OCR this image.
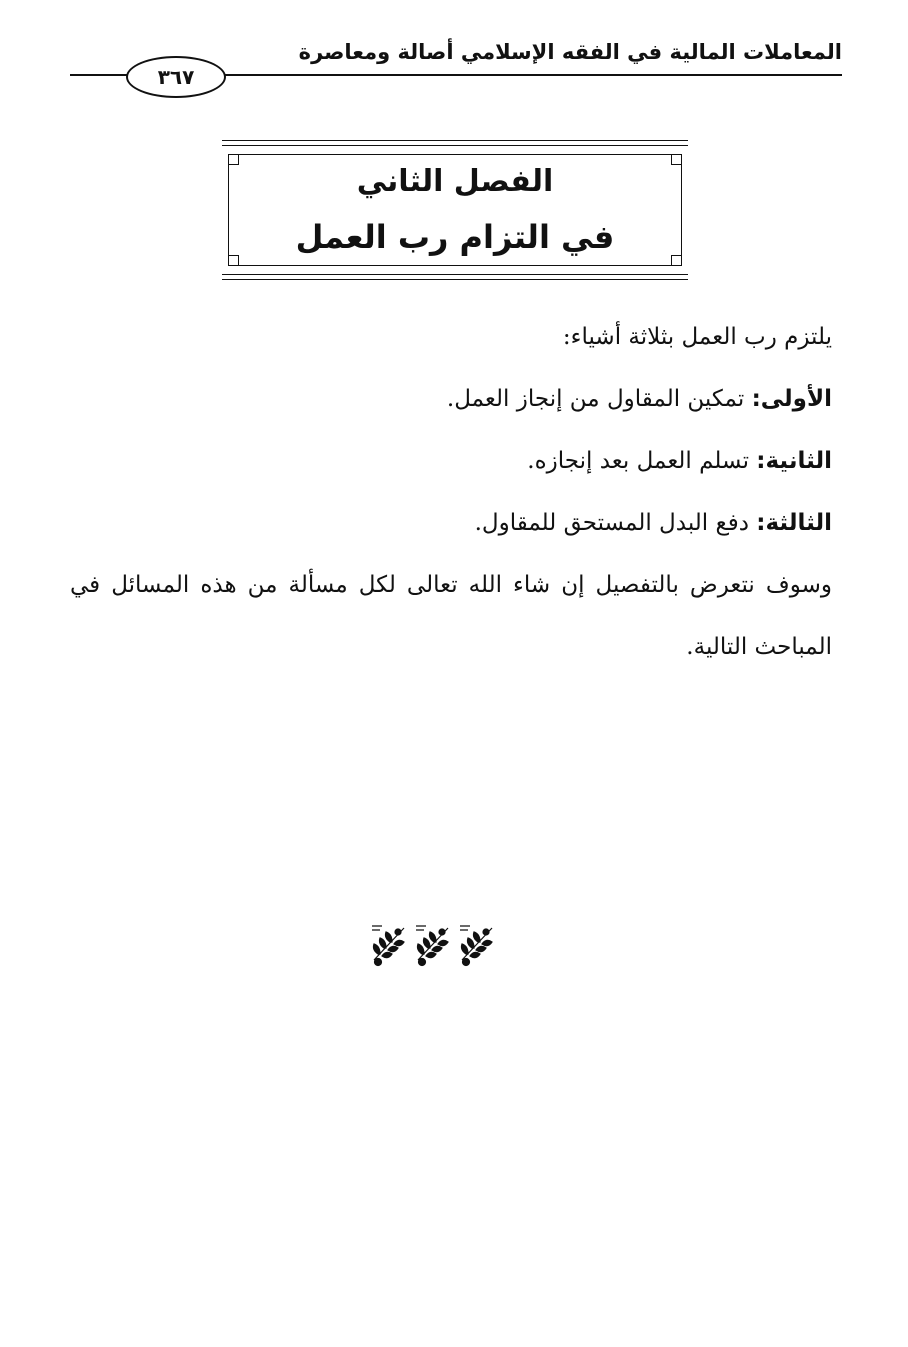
المعاملات المالية في الفقه الإسلامي أصالة ومعاصرة
٣٦٧
الفصل الثاني
في التزام رب العمل

يلتزم رب العمل بثلاثة أشياء:

الأولى: تمكين المقاول من إنجاز العمل.

الثانية: تسلم العمل بعد إنجازه.

الثالثة: دفع البدل المستحق للمقاول.

وسوف نتعرض بالتفصيل إن شاء الله تعالى لكل مسألة من هذه المسائل في المباحث التالية.
